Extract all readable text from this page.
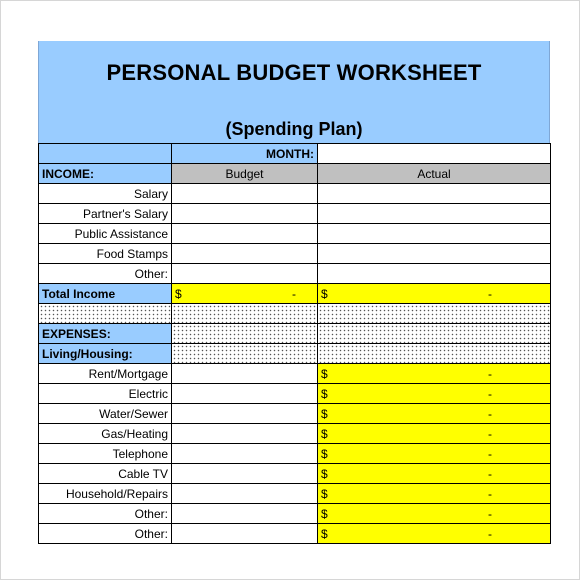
PERSONAL BUDGET WORKSHEET
(Spending Plan)
	MONTH:	
INCOME:	Budget	Actual
Salary		
Partner's Salary		
Public Assistance		
Food Stamps		
Other:		
Total Income	$ -	$ -

EXPENSES:		
Living/Housing:		
Rent/Mortgage		$ -

Electric		$ -

Water/Sewer		$ -

Gas/Heating		$ -

Telephone		$ -

Cable TV		$ -

Household/Repairs		$ -

Other:		$ -

Other:		$ -
